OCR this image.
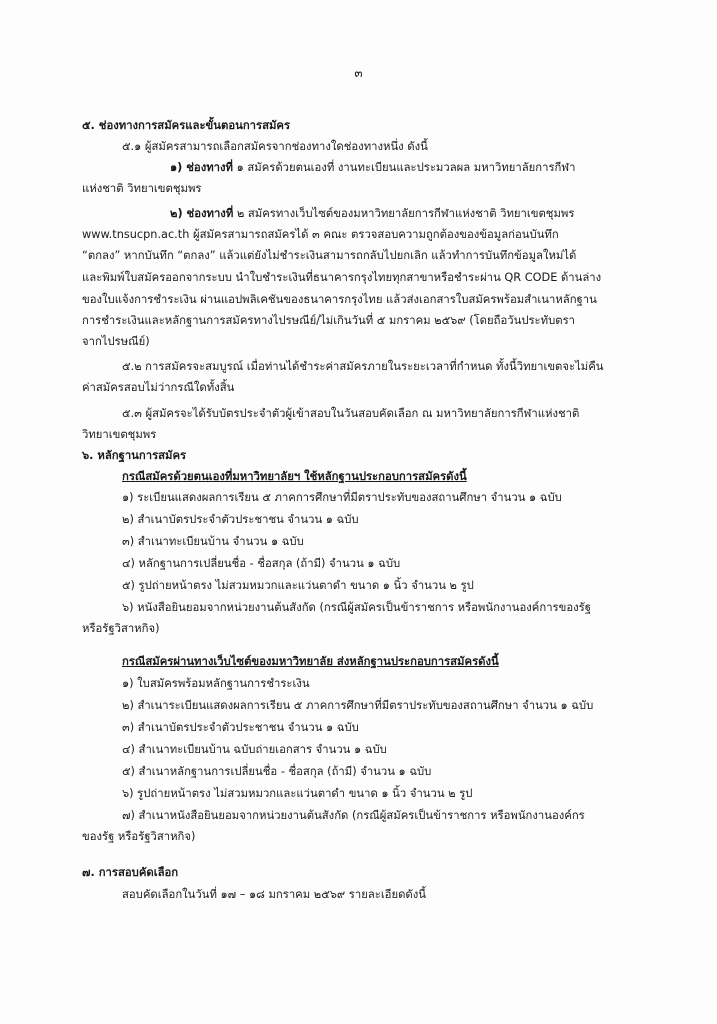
๓
๕. ช่องทางการสมัครและขั้นตอนการสมัคร
๕.๑ ผู้สมัครสามารถเลือกสมัครจากช่องทางใดช่องทางหนึ่ง ดังนี้
๑) ช่องทางที่ ๑ สมัครด้วยตนเองที่ งานทะเบียนและประมวลผล มหาวิทยาลัยการกีฬา
แห่งชาติ วิทยาเขตชุมพร
๒) ช่องทางที่ ๒ สมัครทางเว็บไซต์ของมหาวิทยาลัยการกีฬาแห่งชาติ วิทยาเขตชุมพร
www.tnsucpn.ac.th ผู้สมัครสามารถสมัครได้ ๓ คณะ ตรวจสอบความถูกต้องของข้อมูลก่อนบันทึก
“ตกลง” หากบันทึก “ตกลง” แล้วแต่ยังไม่ชำระเงินสามารถกลับไปยกเลิก แล้วทำการบันทึกข้อมูลใหม่ได้
และพิมพ์ใบสมัครออกจากระบบ นำใบชำระเงินที่ธนาคารกรุงไทยทุกสาขาหรือชำระผ่าน QR CODE ด้านล่าง
ของใบแจ้งการชำระเงิน ผ่านแอปพลิเคชันของธนาคารกรุงไทย แล้วส่งเอกสารใบสมัครพร้อมสำเนาหลักฐาน
การชำระเงินและหลักฐานการสมัครทางไปรษณีย์/ไม่เกินวันที่ ๕ มกราคม ๒๕๖๙ (โดยถือวันประทับตรา
จากไปรษณีย์)
๕.๒ การสมัครจะสมบูรณ์ เมื่อท่านได้ชำระค่าสมัครภายในระยะเวลาที่กำหนด ทั้งนี้วิทยาเขตจะไม่คืน
ค่าสมัครสอบไม่ว่ากรณีใดทั้งสิ้น
๕.๓ ผู้สมัครจะได้รับบัตรประจำตัวผู้เข้าสอบในวันสอบคัดเลือก ณ มหาวิทยาลัยการกีฬาแห่งชาติ
วิทยาเขตชุมพร
๖. หลักฐานการสมัคร
กรณีสมัครด้วยตนเองที่มหาวิทยาลัยฯ ใช้หลักฐานประกอบการสมัครดังนี้
๑) ระเบียนแสดงผลการเรียน ๕ ภาคการศึกษาที่มีตราประทับของสถานศึกษา จำนวน ๑ ฉบับ
๒) สำเนาบัตรประจำตัวประชาชน จำนวน ๑ ฉบับ
๓) สำเนาทะเบียนบ้าน จำนวน ๑ ฉบับ
๔) หลักฐานการเปลี่ยนชื่อ - ชื่อสกุล (ถ้ามี) จำนวน ๑ ฉบับ
๕) รูปถ่ายหน้าตรง ไม่สวมหมวกและแว่นตาดำ ขนาด ๑ นิ้ว จำนวน ๒ รูป
๖) หนังสือยินยอมจากหน่วยงานต้นสังกัด (กรณีผู้สมัครเป็นข้าราชการ หรือพนักงานองค์การของรัฐ
หรือรัฐวิสาหกิจ)
กรณีสมัครผ่านทางเว็บไซต์ของมหาวิทยาลัย ส่งหลักฐานประกอบการสมัครดังนี้
๑) ใบสมัครพร้อมหลักฐานการชำระเงิน
๒) สำเนาระเบียนแสดงผลการเรียน ๕ ภาคการศึกษาที่มีตราประทับของสถานศึกษา จำนวน ๑ ฉบับ
๓) สำเนาบัตรประจำตัวประชาชน จำนวน ๑ ฉบับ
๔) สำเนาทะเบียนบ้าน ฉบับถ่ายเอกสาร จำนวน ๑ ฉบับ
๕) สำเนาหลักฐานการเปลี่ยนชื่อ - ชื่อสกุล (ถ้ามี) จำนวน ๑ ฉบับ
๖) รูปถ่ายหน้าตรง ไม่สวมหมวกและแว่นตาดำ ขนาด ๑ นิ้ว จำนวน ๒ รูป
๗) สำเนาหนังสือยินยอมจากหน่วยงานต้นสังกัด (กรณีผู้สมัครเป็นข้าราชการ หรือพนักงานองค์กร
ของรัฐ หรือรัฐวิสาหกิจ)
๗. การสอบคัดเลือก
สอบคัดเลือกในวันที่ ๑๗ – ๑๘ มกราคม ๒๕๖๙ รายละเอียดดังนี้
